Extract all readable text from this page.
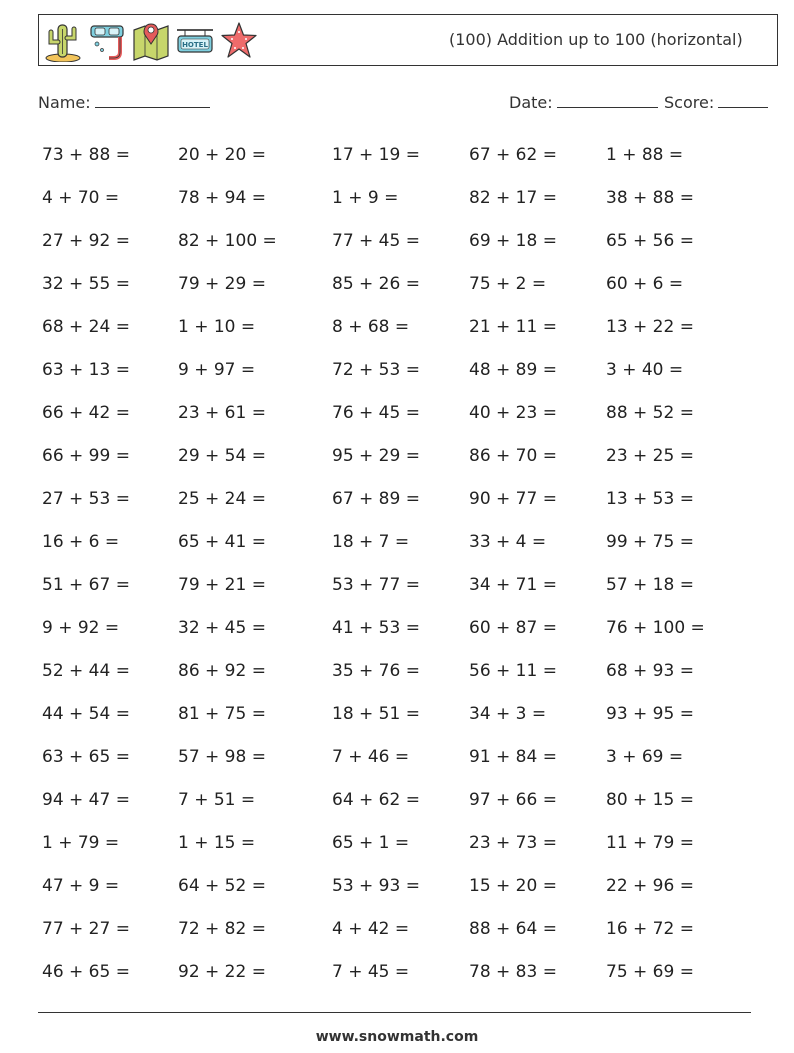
HOTEL	(100) Addition up to 100 (horizontal)
Name:	Date:	Score:
73 + 88 =	20 + 20 =	17 + 19 =	67 + 62 =	1 + 88 =
4 + 70 =	78 + 94 =	1 + 9 =	82 + 17 =	38 + 88 =
27 + 92 =	82 + 100 =	77 + 45 =	69 + 18 =	65 + 56 =
32 + 55 =	79 + 29 =	85 + 26 =	75 + 2 =	60 + 6 =
68 + 24 =	1 + 10 =	8 + 68 =	21 + 11 =	13 + 22 =
63 + 13 =	9 + 97 =	72 + 53 =	48 + 89 =	3 + 40 =
66 + 42 =	23 + 61 =	76 + 45 =	40 + 23 =	88 + 52 =
66 + 99 =	29 + 54 =	95 + 29 =	86 + 70 =	23 + 25 =
27 + 53 =	25 + 24 =	67 + 89 =	90 + 77 =	13 + 53 =
16 + 6 =	65 + 41 =	18 + 7 =	33 + 4 =	99 + 75 =
51 + 67 =	79 + 21 =	53 + 77 =	34 + 71 =	57 + 18 =
9 + 92 =	32 + 45 =	41 + 53 =	60 + 87 =	76 + 100 =
52 + 44 =	86 + 92 =	35 + 76 =	56 + 11 =	68 + 93 =
44 + 54 =	81 + 75 =	18 + 51 =	34 + 3 =	93 + 95 =
63 + 65 =	57 + 98 =	7 + 46 =	91 + 84 =	3 + 69 =
94 + 47 =	7 + 51 =	64 + 62 =	97 + 66 =	80 + 15 =
1 + 79 =	1 + 15 =	65 + 1 =	23 + 73 =	11 + 79 =
47 + 9 =	64 + 52 =	53 + 93 =	15 + 20 =	22 + 96 =
77 + 27 =	72 + 82 =	4 + 42 =	88 + 64 =	16 + 72 =
46 + 65 =	92 + 22 =	7 + 45 =	78 + 83 =	75 + 69 =
www.snowmath.com
